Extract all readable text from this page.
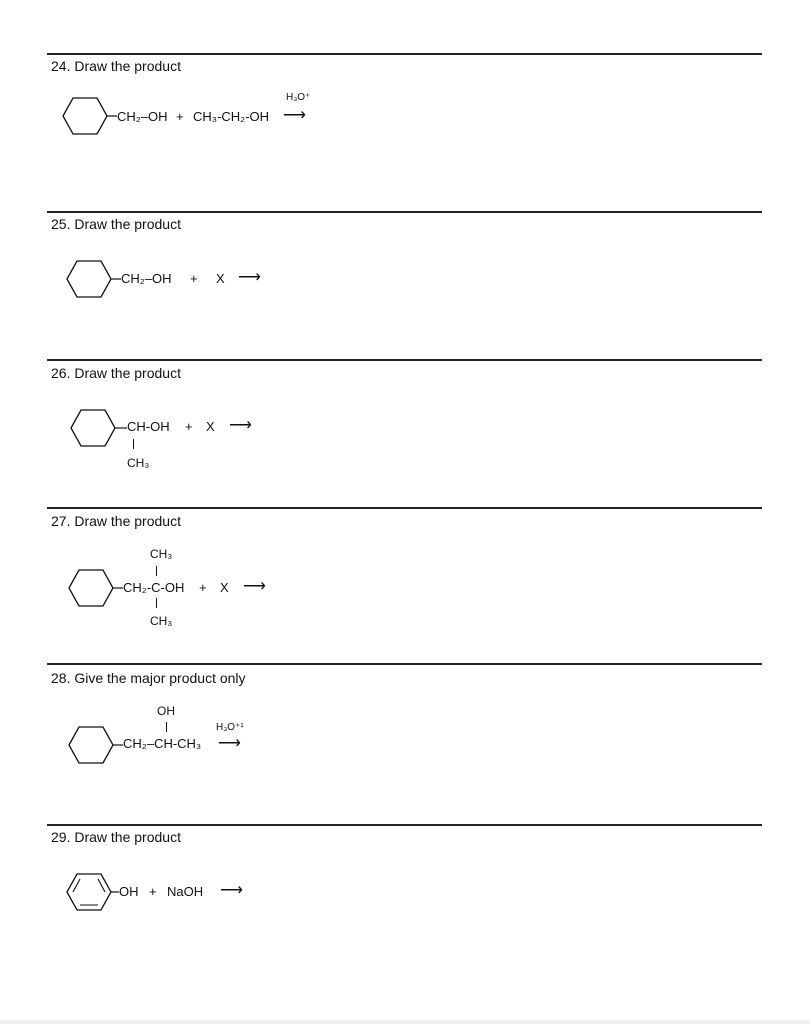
24. Draw the product
CH₂–OH + CH₃-CH₂-OH
H₃O⁺
⟶
25. Draw the product
CH₂–OH + X ⟶
26. Draw the product
CH-OH + X ⟶
CH₃
27. Draw the product
CH₃
CH₂-C-OH + X ⟶
CH₃
28. Give the major product only
OH
CH₂–CH-CH₃
H₃O⁺¹
⟶
29. Draw the product
OH + NaOH ⟶
